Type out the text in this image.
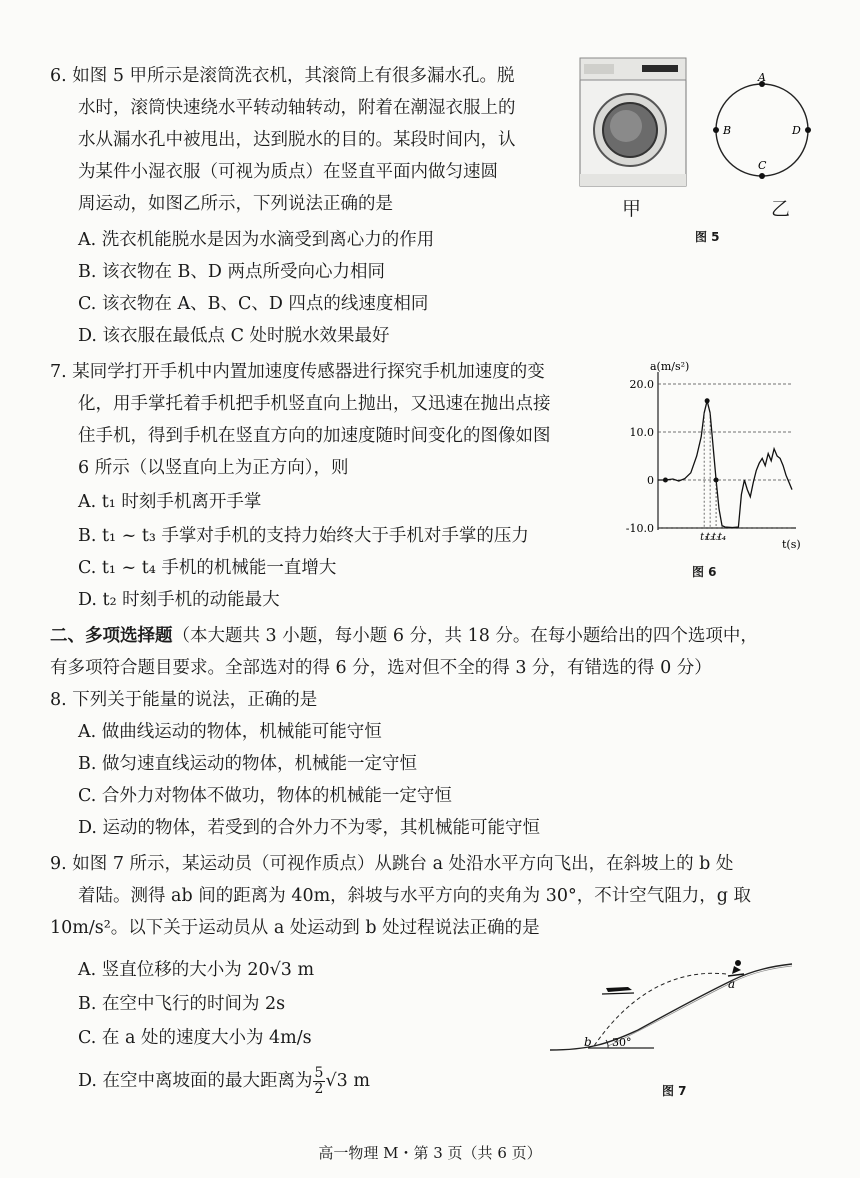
6. 如图 5 甲所示是滚筒洗衣机，其滚筒上有很多漏水孔。脱
水时，滚筒快速绕水平转动轴转动，附着在潮湿衣服上的
水从漏水孔中被甩出，达到脱水的目的。某段时间内，认
为某件小湿衣服（可视为质点）在竖直平面内做匀速圆
周运动，如图乙所示，下列说法正确的是
A. 洗衣机能脱水是因为水滴受到离心力的作用
B. 该衣物在 B、D 两点所受向心力相同
C. 该衣物在 A、B、C、D 四点的线速度相同
D. 该衣服在最低点 C 处时脱水效果最好
甲
A
B
C
D
乙
图 5
7. 某同学打开手机中内置加速度传感器进行探究手机加速度的变
化，用手掌托着手机把手机竖直向上抛出，又迅速在抛出点接
住手机，得到手机在竖直方向的加速度随时间变化的图像如图
6 所示（以竖直向上为正方向），则
A. t₁ 时刻手机离开手掌
B. t₁ ~ t₃ 手掌对手机的支持力始终大于手机对手掌的压力
C. t₁ ~ t₄ 手机的机械能一直增大
D. t₂ 时刻手机的动能最大
20.0
10.0
0
-10.0
a(m/s²)
t(s)
t₁
t₂
t₃
t₄
图 6
二、多项选择题（本大题共 3 小题，每小题 6 分，共 18 分。在每小题给出的四个选项中，
有多项符合题目要求。全部选对的得 6 分，选对但不全的得 3 分，有错选的得 0 分）
8. 下列关于能量的说法，正确的是
A. 做曲线运动的物体，机械能可能守恒
B. 做匀速直线运动的物体，机械能一定守恒
C. 合外力对物体不做功，物体的机械能一定守恒
D. 运动的物体，若受到的合外力不为零，其机械能可能守恒
9. 如图 7 所示，某运动员（可视作质点）从跳台 a 处沿水平方向飞出，在斜坡上的 b 处
着陆。测得 ab 间的距离为 40m，斜坡与水平方向的夹角为 30°，不计空气阻力，g 取
10m/s²。以下关于运动员从 a 处运动到 b 处过程说法正确的是
A. 竖直位移的大小为 20√3 m
B. 在空中飞行的时间为 2s
C. 在 a 处的速度大小为 4m/s
D. 在空中离坡面的最大距离为 $\frac{5}{2} √3$ m
a
b 30°
图 7
高一物理 M・第 3 页（共 6 页）
